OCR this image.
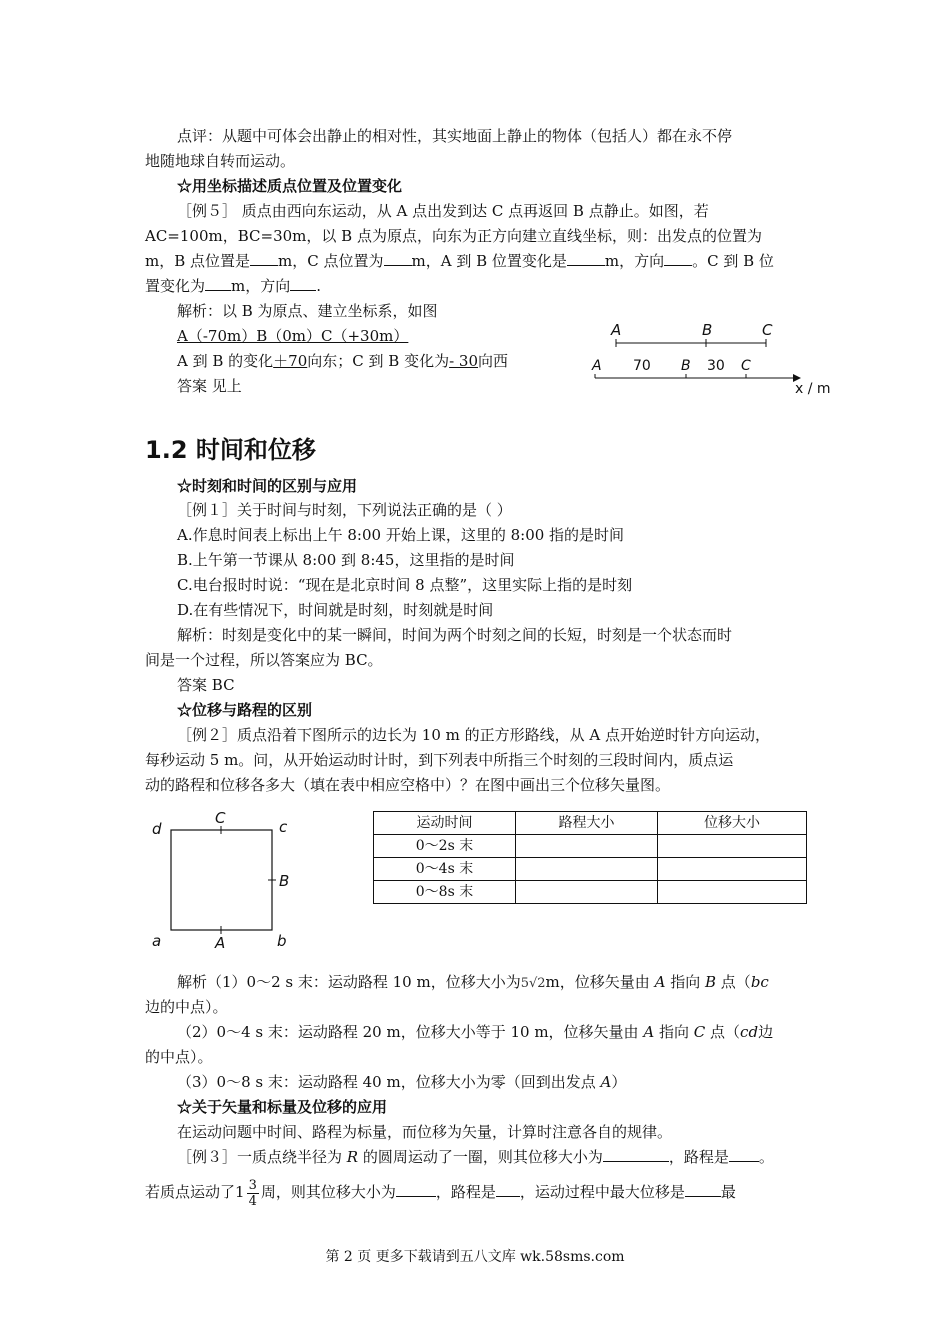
点评：从题中可体会出静止的相对性，其实地面上静止的物体（包括人）都在永不停
地随地球自转而运动。
☆用坐标描述质点位置及位置变化
［例５］ 质点由西向东运动，从 A 点出发到达 C 点再返回 B 点静止。如图，若
AC=100m，BC=30m，以 B 点为原点，向东为正方向建立直线坐标，则：出发点的位置为
m，B 点位置是 m，C 点位置为 m，A 到 B 位置变化是	m，方向 。C 到 B 位
置变化为 m，方向 .
解析：以 B 为原点、建立坐标系，如图
A（-70m）B（0m）C（+30m）
A 到 B 的变化＋70向东；C 到 B 变化为- 30向西
答案 见上
A	B	C
A 70 B 30 C
x / m
1.2 时间和位移
☆时刻和时间的区别与应用
［例１］关于时间与时刻，下列说法正确的是（ ）
A.作息时间表上标出上午 8:00 开始上课，这里的 8:00 指的是时间
B.上午第一节课从 8:00 到 8:45，这里指的是时间
C.电台报时时说：“现在是北京时间 8 点整”，这里实际上指的是时刻
D.在有些情况下，时间就是时刻，时刻就是时间
解析：时刻是变化中的某一瞬间，时间为两个时刻之间的长短，时刻是一个状态而时
间是一个过程，所以答案应为 BC。
答案 BC
☆位移与路程的区别
［例２］质点沿着下图所示的边长为 10 m 的正方形路线，从 A 点开始逆时针方向运动，
每秒运动 5 m。问，从开始运动时计时，到下列表中所指三个时刻的三段时间内，质点运
动的路程和位移各多大（填在表中相应空格中）？在图中画出三个位移矢量图。
C	c
d
B
a	A	b
运动时间	路程大小	位移大小
0～2s 末		
0～4s 末		
0～8s 末		
解析（1）0～2 s 末：运动路程 10 m，位移大小为5√2m，位移矢量由 A 指向 B 点（bc
边的中点）。
（2）0～4 s 末：运动路程 20 m，位移大小等于 10 m，位移矢量由 A 指向 C 点（cd边
的中点）。
（3）0～8 s 末：运动路程 40 m，位移大小为零（回到出发点 A）
☆关于矢量和标量及位移的应用
在运动问题中时间、路程为标量，而位移为矢量，计算时注意各自的规律。
［例３］一质点绕半径为 R 的圆周运动了一圈，则其位移大小为	，路程是 。
若质点运动了$1 \frac{3}{4}$ 周，则其位移大小为	，路程是 ，运动过程中最大位移是 最
第 2 页 更多下载请到五八文库 wk.58sms.com
